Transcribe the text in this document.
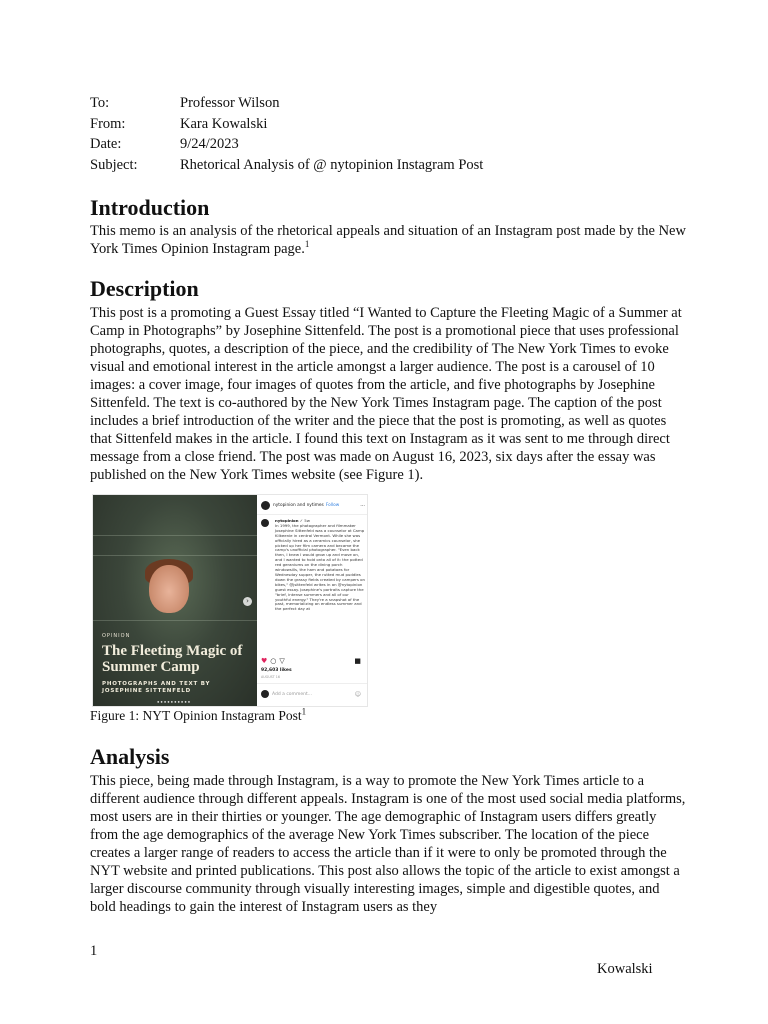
To:	Professor Wilson
From:	Kara Kowalski
Date:	9/24/2023
Subject:	Rhetorical Analysis of @ nytopinion Instagram Post
Introduction

This memo is an analysis of the rhetorical appeals and situation of an Instagram post made by the New York Times Opinion Instagram page.$^1$

Description

This post is a promoting a Guest Essay titled “I Wanted to Capture the Fleeting Magic of a Summer at Camp in Photographs” by Josephine Sittenfeld. The post is a promotional piece that uses professional photographs, quotes, a description of the piece, and the credibility of The New York Times to evoke visual and emotional interest in the article amongst a larger audience. The post is a carousel of 10 images: a cover image, four images of quotes from the article, and five photographs by Josephine Sittenfeld. The text is co-authored by the New York Times Instagram page. The caption of the post includes a brief introduction of the writer and the piece that the post is promoting, as well as quotes that Sittenfeld makes in the article. I found this text on Instagram as it was sent to me through direct message from a close friend. The post was made on August 16, 2023, six days after the essay was published on the New York Times website (see Figure 1).

›
OPINION
The Fleeting Magic of Summer Camp
PHOTOGRAPHS AND TEXT BY JOSEPHINE SITTENFELD
●●●●●●●●●●
nytopinion and nytimes Follow	···
nytopinion ✓ 5w
In 1999, the photographer and filmmaker Josephine Sittenfeld was a counselor at Camp Kilkeenie in central Vermont. While she was officially hired as a ceramics counselor, she picked up her film camera and became the camp's unofficial photographer. "Even back then, I knew I would grow up and move on, and I wanted to hold onto all of it: the potted red geraniums on the dining porch windowsills, the ham and potatoes for Wednesday supper, the rutted mud puddles down the grassy fields created by campers on bikes," @jsittenfeld writes in an @nytopinion guest essay. Josephine's portraits capture the "brief, intense summers and all of our youthful energy." They're a snapshot of the past, memorializing an endless summer and the perfect day at
♥ ○ ▽	■
92,603 likes
AUGUST 16
Add a comment...	☺
Figure 1: NYT Opinion Instagram Post$^1$
Analysis

This piece, being made through Instagram, is a way to promote the New York Times article to a different audience through different appeals. Instagram is one of the most used social media platforms, most users are in their thirties or younger. The age demographic of Instagram users differs greatly from the age demographics of the average New York Times subscriber. The location of the piece creates a larger range of readers to access the article than if it were to only be promoted through the NYT website and printed publications. This post also allows the topic of the article to exist amongst a larger discourse community through visually interesting images, simple and digestible quotes, and bold headings to gain the interest of Instagram users as they

1
Kowalski
